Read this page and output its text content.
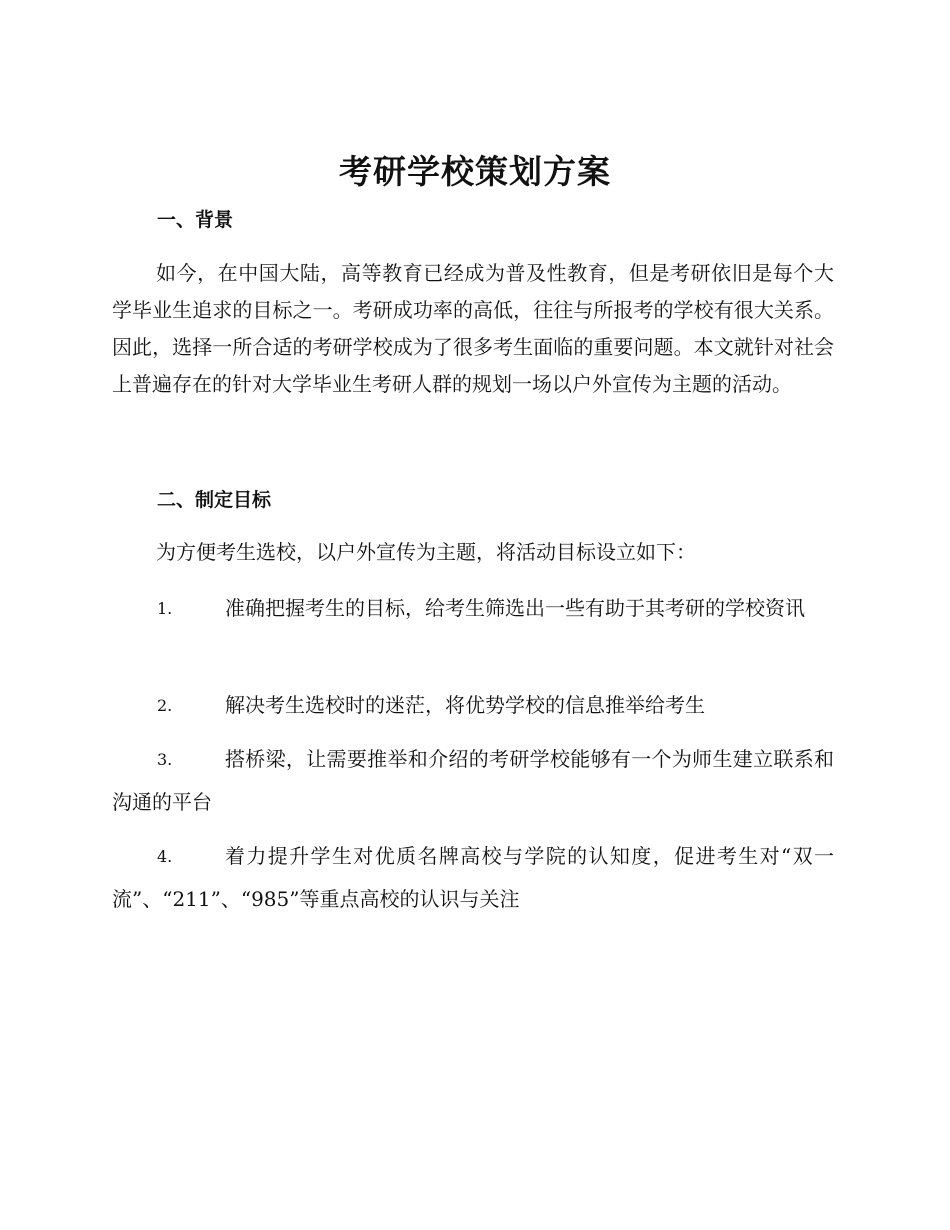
考研学校策划方案
一、背景

如今，在中国大陆，高等教育已经成为普及性教育，但是考研依旧是每个大学毕业生追求的目标之一。考研成功率的高低，往往与所报考的学校有很大关系。因此，选择一所合适的考研学校成为了很多考生面临的重要问题。本文就针对社会上普遍存在的针对大学毕业生考研人群的规划一场以户外宣传为主题的活动。

二、制定目标

为方便考生选校，以户外宣传为主题，将活动目标设立如下：

1.	准确把握考生的目标，给考生筛选出一些有助于其考研的学校资讯
2.	解决考生选校时的迷茫，将优势学校的信息推举给考生
3.	搭桥梁，让需要推举和介绍的考研学校能够有一个为师生建立联系和沟通的平台
4.	着力提升学生对优质名牌高校与学院的认知度，促进考生对“双一流”、“211”、“985”等重点高校的认识与关注
